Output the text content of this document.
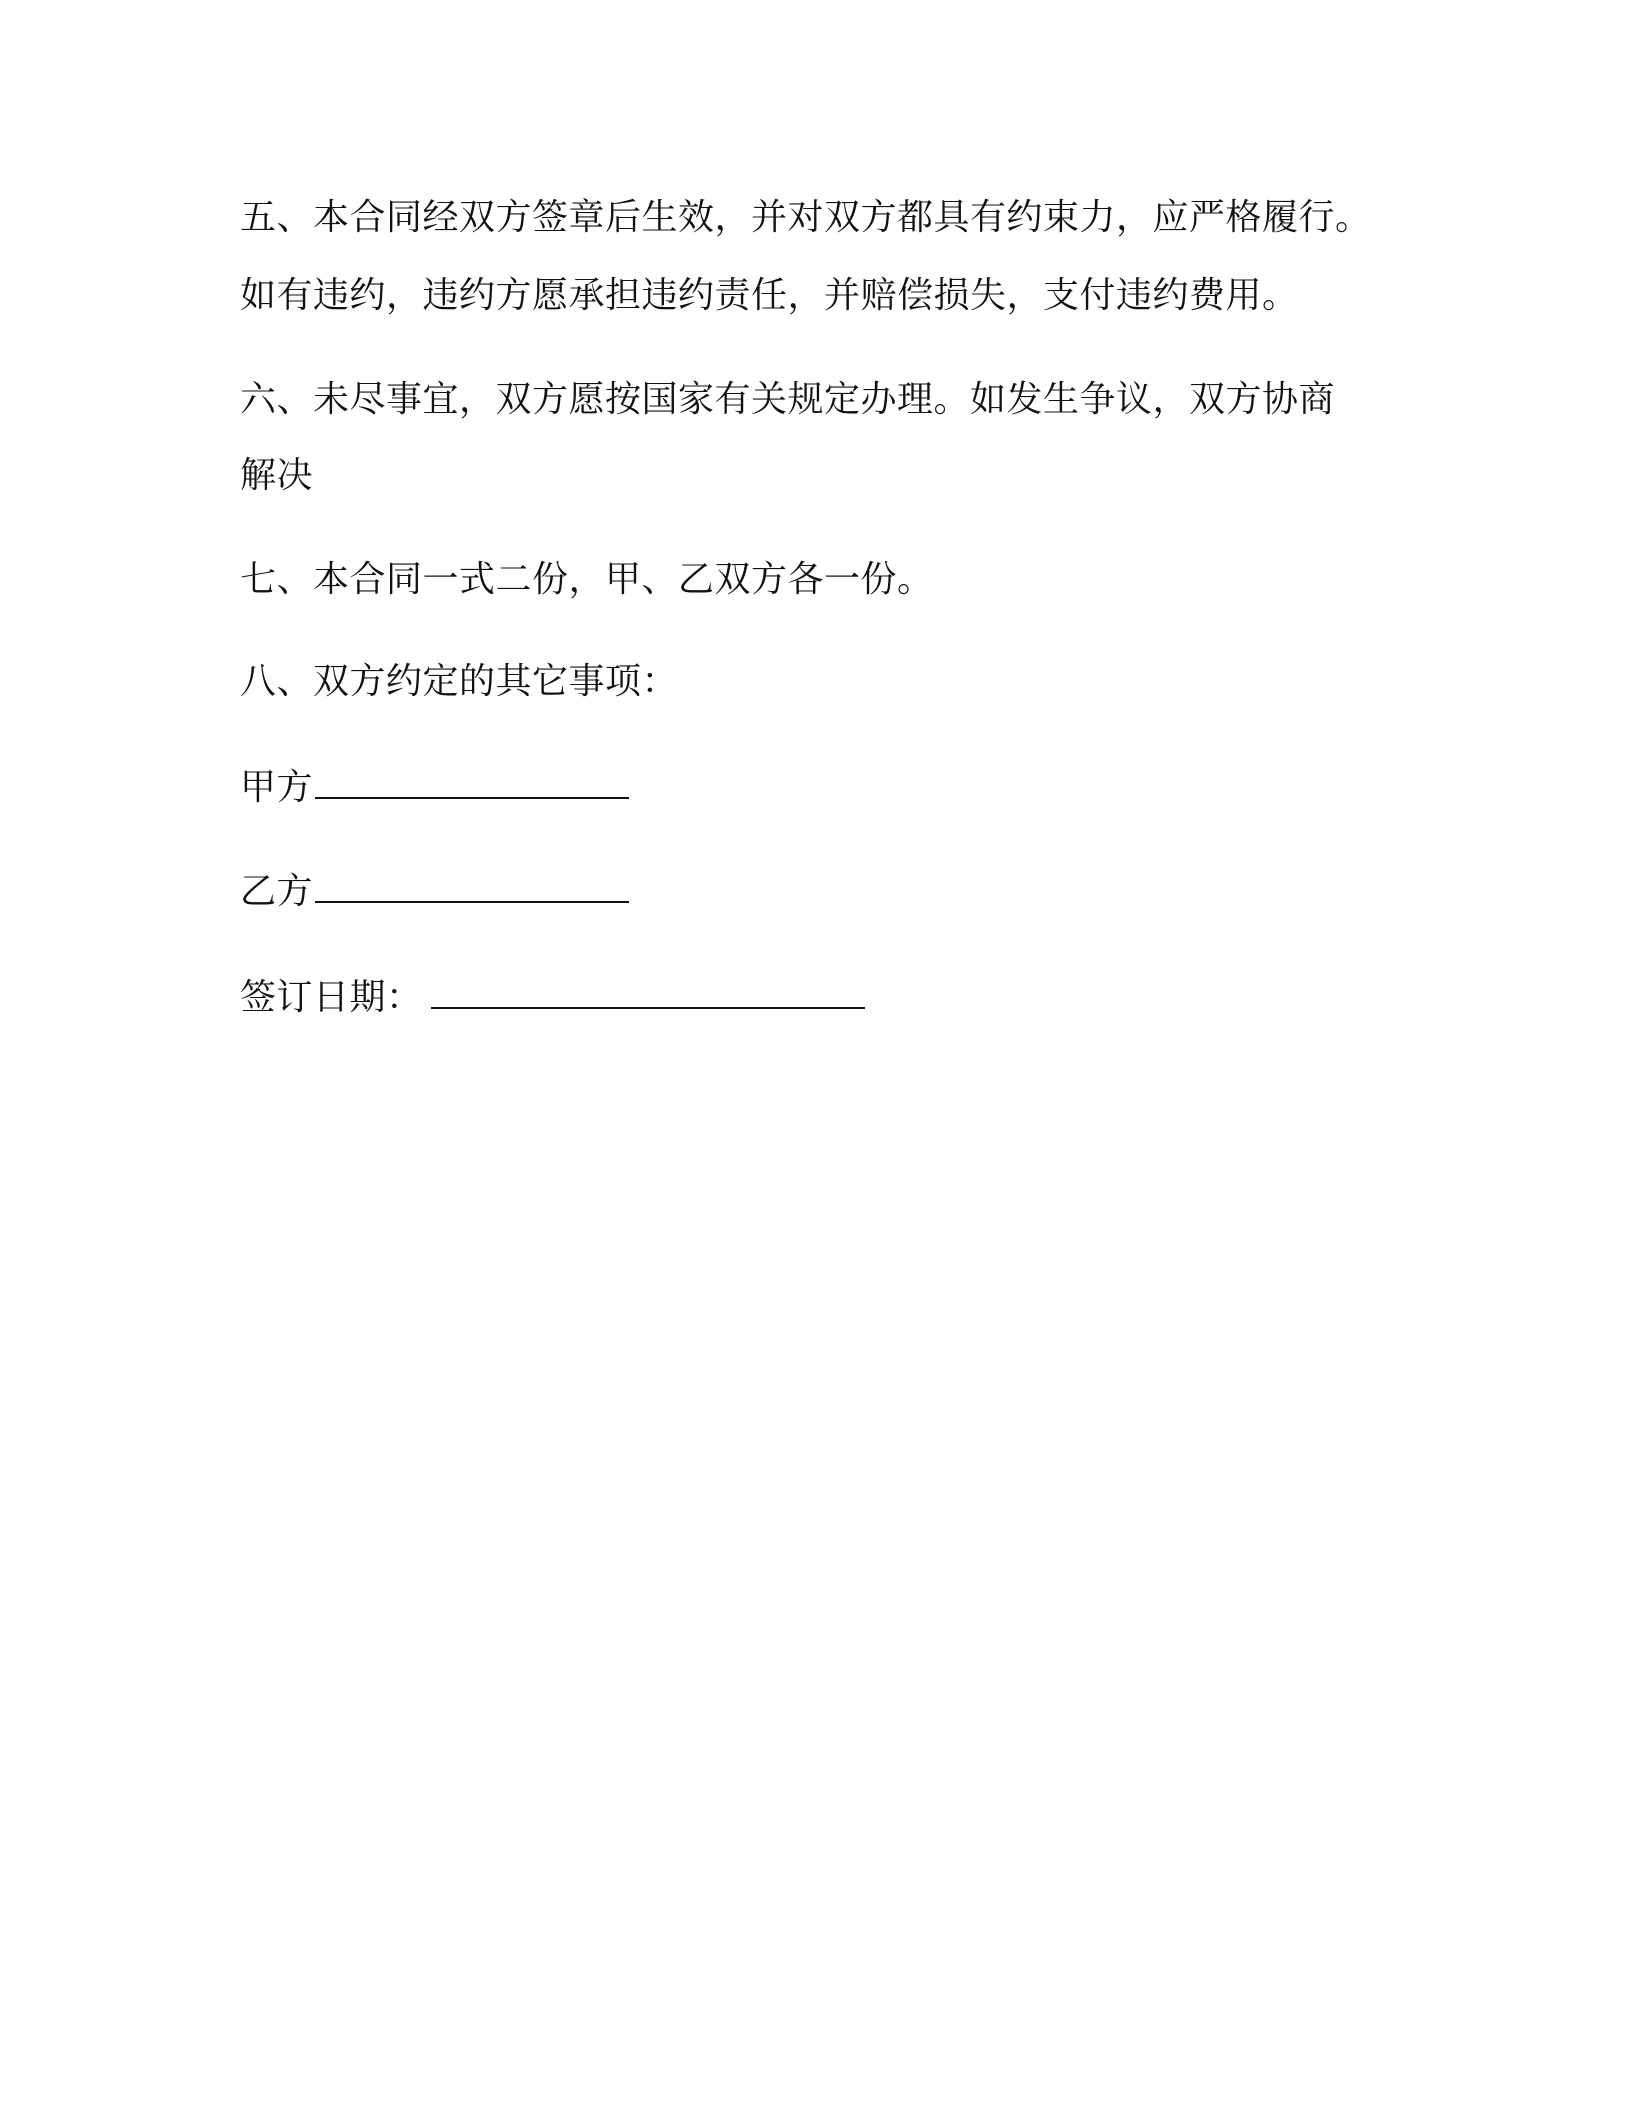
五、本合同经双方签章后生效，并对双方都具有约束力，应严格履行。
如有违约，违约方愿承担违约责任，并赔偿损失，支付违约费用。
六、未尽事宜，双方愿按国家有关规定办理。如发生争议，双方协商
解决
七、本合同一式二份，甲、乙双方各一份。
八、双方约定的其它事项：
甲方
乙方
签订日期：
